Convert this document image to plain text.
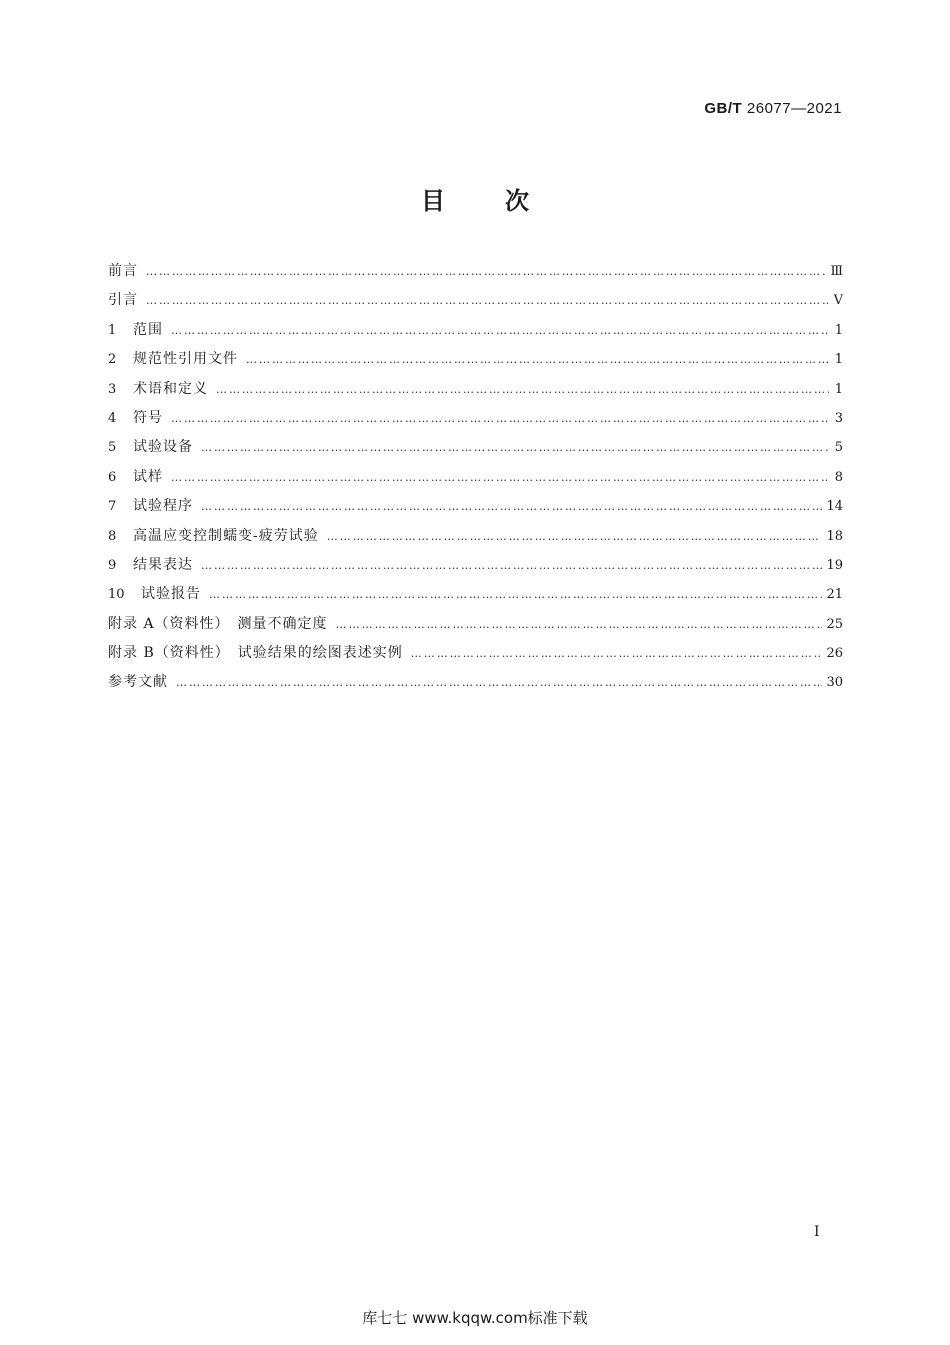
GB/T 26077—2021
目	次
前言 …………………………………………………………………………………………………………………………………………………………………………………………………………………………………………	Ⅲ
引言 …………………………………………………………………………………………………………………………………………………………………………………………………………………………………………	Ⅴ
1	范围 …………………………………………………………………………………………………………………………………………………………………………………………………………………………………………	1
2	规范性引用文件 …………………………………………………………………………………………………………………………………………………………………………………………………………………………………………	1
3	术语和定义 …………………………………………………………………………………………………………………………………………………………………………………………………………………………………………	1
4	符号 …………………………………………………………………………………………………………………………………………………………………………………………………………………………………………	3
5	试验设备 …………………………………………………………………………………………………………………………………………………………………………………………………………………………………………	5
6	试样 …………………………………………………………………………………………………………………………………………………………………………………………………………………………………………	8
7	试验程序 …………………………………………………………………………………………………………………………………………………………………………………………………………………………………………	14
8	高温应变控制蠕变-疲劳试验 …………………………………………………………………………………………………………………………………………………………………………………………………………………………………………	18
9	结果表达 …………………………………………………………………………………………………………………………………………………………………………………………………………………………………………	19
10	试验报告 …………………………………………………………………………………………………………………………………………………………………………………………………………………………………………	21
附录 A（资料性）　测量不确定度 …………………………………………………………………………………………………………………………………………………………………………………………………………………………………………	25
附录 B（资料性）　试验结果的绘图表述实例 …………………………………………………………………………………………………………………………………………………………………………………………………………………………………………	26
参考文献 …………………………………………………………………………………………………………………………………………………………………………………………………………………………………………	30
Ⅰ
库七七 www.kqqw.com标准下载
